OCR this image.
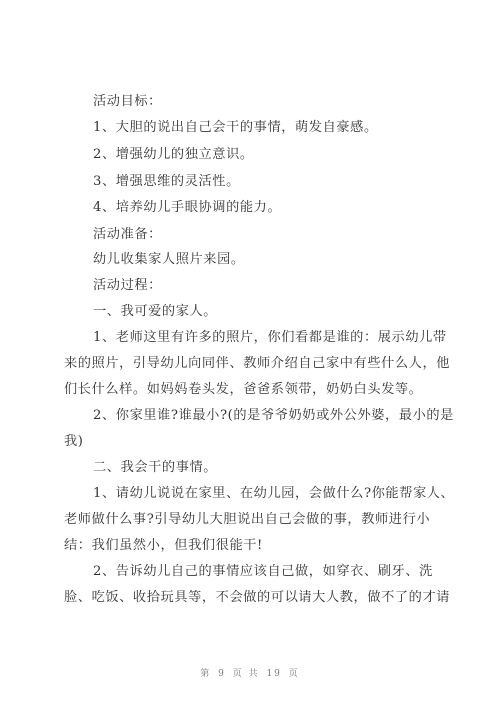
活动目标：
1、大胆的说出自己会干的事情，萌发自豪感。
2、增强幼儿的独立意识。
3、增强思维的灵活性。
4、培养幼儿手眼协调的能力。
活动准备：
幼儿收集家人照片来园。
活动过程：
一、我可爱的家人。
1、老师这里有许多的照片，你们看都是谁的：展示幼儿带
来的照片，引导幼儿向同伴、教师介绍自己家中有些什么人，他
们长什么样。如妈妈卷头发，爸爸系领带，奶奶白头发等。
2、你家里谁?谁最小?(的是爷爷奶奶或外公外婆，最小的是
我)
二、我会干的事情。
1、请幼儿说说在家里、在幼儿园，会做什么?你能帮家人、
老师做什么事?引导幼儿大胆说出自己会做的事，教师进行小
结：我们虽然小，但我们很能干!
2、告诉幼儿自己的事情应该自己做，如穿衣、刷牙、洗
脸、吃饭、收拾玩具等，不会做的可以请大人教，做不了的才请
第 9 页 共 19 页
